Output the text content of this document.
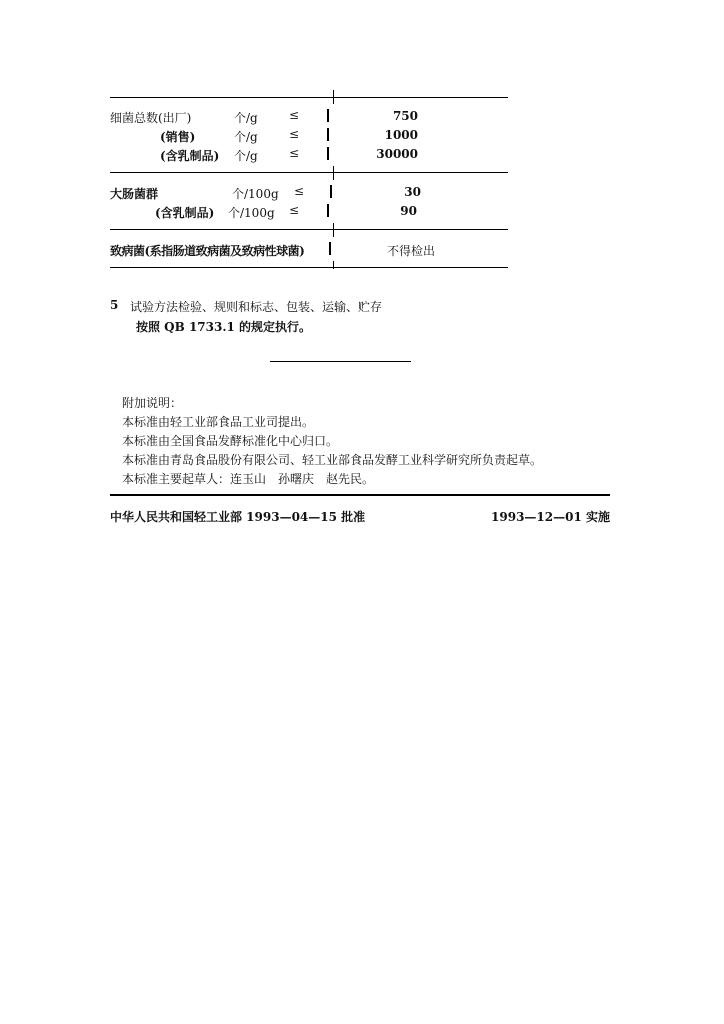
细菌总数(出厂)	个/g	≤	750
(销售)	个/g	≤	1000
(含乳制品) 个/g	≤	30000
大肠菌群	个/100g ≤	30
(含乳制品) 个/100g ≤	90
致病菌(系指肠道致病菌及致病性球菌)	不得检出
5 试验方法检验、规则和标志、包装、运输、贮存
按照 QB 1733.1 的规定执行。
附加说明：
本标准由轻工业部食品工业司提出。
本标准由全国食品发酵标准化中心归口。
本标准由青岛食品股份有限公司、轻工业部食品发酵工业科学研究所负责起草。
本标准主要起草人：连玉山　孙曙庆　赵先民。
中华人民共和国轻工业部 1993—04—15 批准	1993—12—01 实施
